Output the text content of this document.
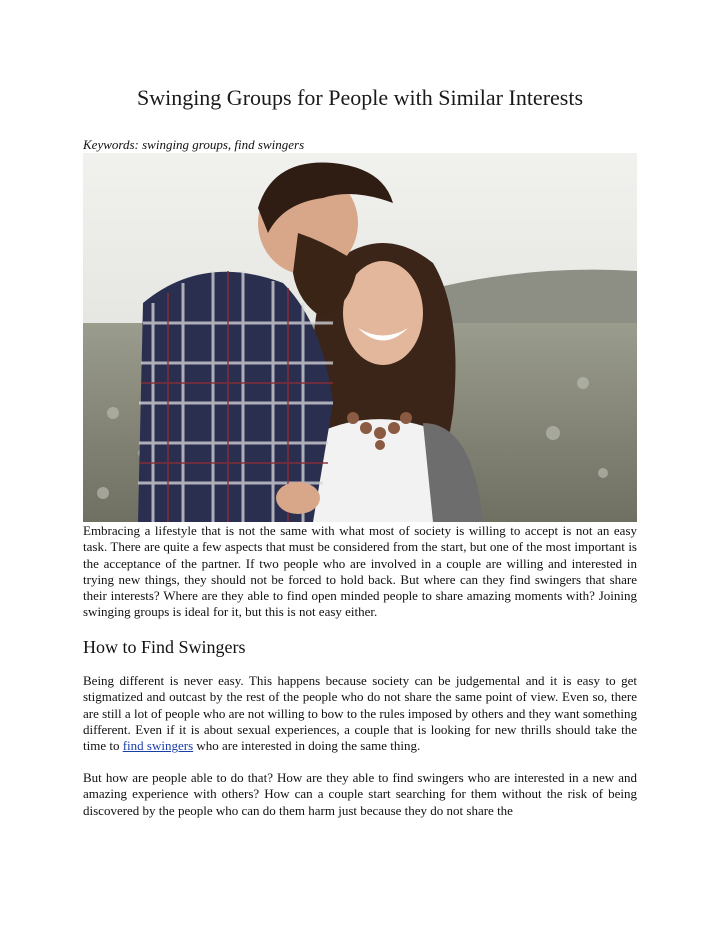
Swinging Groups for People with Similar Interests
Keywords: swinging groups, find swingers

Embracing a lifestyle that is not the same with what most of society is willing to accept is not an easy task. There are quite a few aspects that must be considered from the start, but one of the most important is the acceptance of the partner. If two people who are involved in a couple are willing and interested in trying new things, they should not be forced to hold back. But where can they find swingers that share their interests? Where are they able to find open minded people to share amazing moments with? Joining swinging groups is ideal for it, but this is not easy either.

How to Find Swingers

Being different is never easy. This happens because society can be judgemental and it is easy to get stigmatized and outcast by the rest of the people who do not share the same point of view. Even so, there are still a lot of people who are not willing to bow to the rules imposed by others and they want something different. Even if it is about sexual experiences, a couple that is looking for new thrills should take the time to find swingers who are interested in doing the same thing.

But how are people able to do that? How are they able to find swingers who are interested in a new and amazing experience with others? How can a couple start searching for them without the risk of being discovered by the people who can do them harm just because they do not share the
